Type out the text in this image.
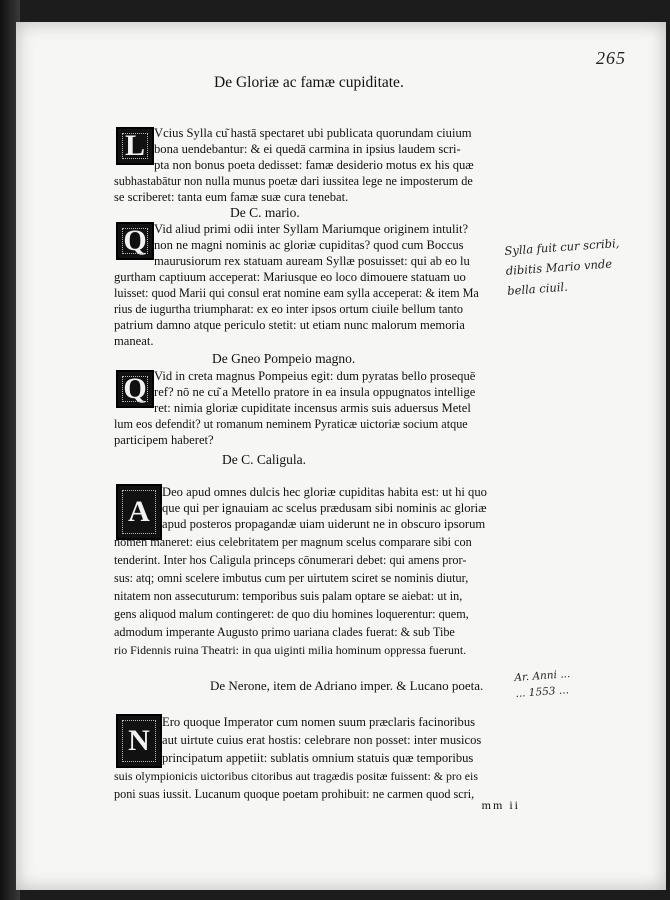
265
De Gloriæ ac famæ cupiditate.
L Vcius Sylla cu͂ hastā spectaret ubi publicata quorundam ciuium
bona uendebantur: & ei quedā carmina in ipsius laudem scri-
pta non bonus poeta dedisset: famæ desiderio motus ex his quæ
subhastabātur non nulla munus poetæ dari iussitea lege ne imposterum de
se scriberet: tanta eum famæ suæ cura tenebat.
De C. mario.
Q Vid aliud primi odii inter Syllam Mariumque originem intulit?
non ne magni nominis ac gloriæ cupiditas? quod cum Boccus
maurusiorum rex statuam auream Syllæ posuisset: qui ab eo lu
gurtham captiuum acceperat: Mariusque eo loco dimouere statuam uo
luisset: quod Marii qui consul erat nomine eam sylla acceperat: & item Ma
rius de iugurtha triumpharat: ex eo inter ipsos ortum ciuile bellum tanto
patrium damno atque periculo stetit: ut etiam nunc malorum memoria
maneat.
De Gneo Pompeio magno.
Q Vid in creta magnus Pompeius egit: dum pyratas bello prosequē
ref? nō ne cu͂ a Metello pratore in ea insula oppugnatos intellige
ret: nimia gloriæ cupiditate incensus armis suis aduersus Metel
lum eos defendit? ut romanum neminem Pyraticæ uictoriæ socium atque
participem haberet?
De C. Caligula.
A
Deo apud omnes dulcis hec gloriæ cupiditas habita est: ut hi quo
que qui per ignauiam ac scelus prædusam sibi nominis ac gloriæ
apud posteros propagandæ uiam uiderunt ne in obscuro ipsorum
nomen maneret: eius celebritatem per magnum scelus comparare sibi con
tenderint. Inter hos Caligula princeps cōnumerari debet: qui amens pror-
sus: atq; omni scelere imbutus cum per uirtutem sciret se nominis diutur,
nitatem non assecuturum: temporibus suis palam optare se aiebat: ut in,
gens aliquod malum contingeret: de quo diu homines loquerentur: quem,
admodum imperante Augusto primo uariana clades fuerat: & sub Tibe
rio Fidennis ruina Theatri: in qua uiginti milia hominum oppressa fuerunt.
De Nerone, item de Adriano imper. & Lucano poeta.
N
Ero quoque Imperator cum nomen suum præclaris facinoribus
aut uirtute cuius erat hostis: celebrare non posset: inter musicos
principatum appetiit: sublatis omnium statuis quæ temporibus
suis olympionicis uictoribus citoribus aut tragædis positæ fuissent: & pro eis
poni suas iussit. Lucanum quoque poetam prohibuit: ne carmen quod scri,
mm ii
Sylla fuit cur scribi,
dibitis Mario vnde
bella ciuil.
Ar. Anni ...
... 1553 ...
